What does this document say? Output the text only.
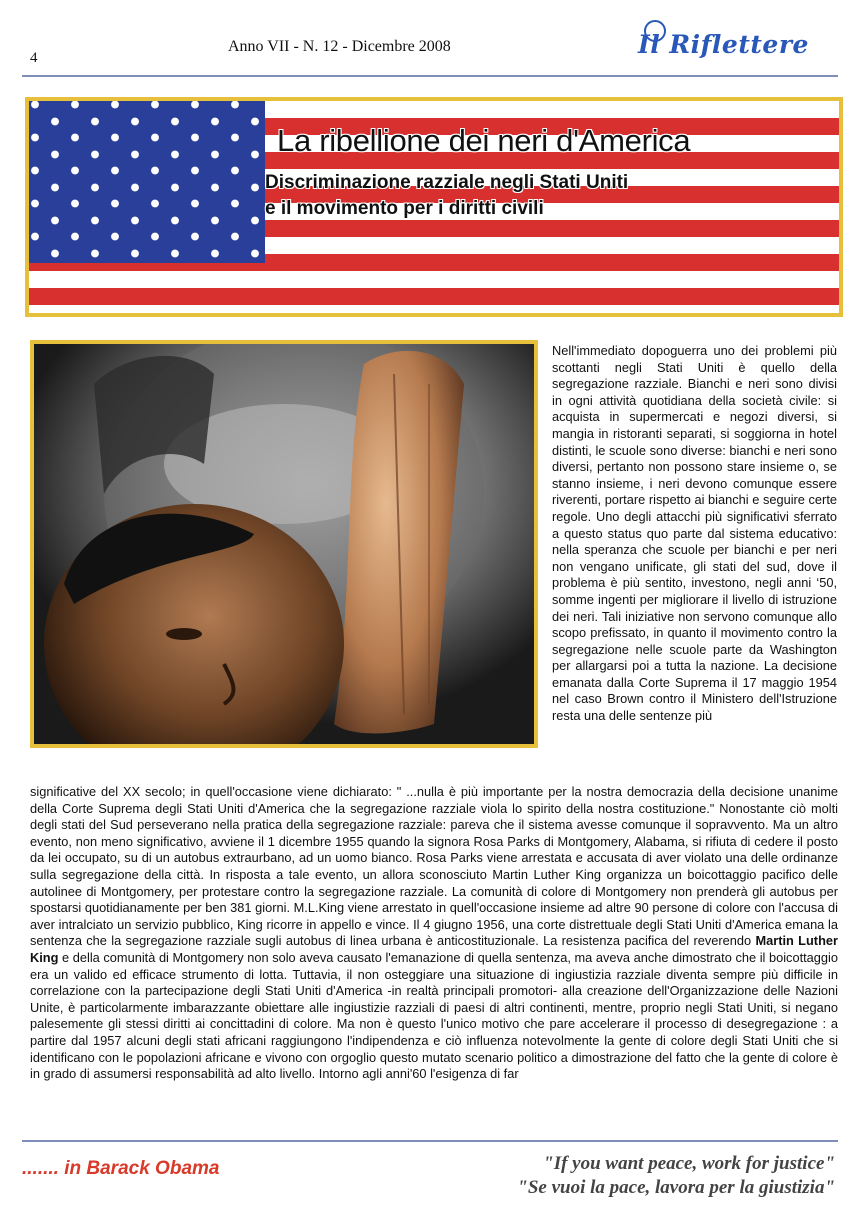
4
Anno VII - N. 12 - Dicembre 2008	Il Riflettere
La ribellione dei neri d'America
Discriminazione razziale negli Stati Uniti
e il movimento per i diritti civili
Nell'immediato dopoguerra uno dei problemi più scottanti negli Stati Uniti è quello della segregazione razziale. Bianchi e neri sono divisi in ogni attività quotidiana della società civile: si acquista in supermercati e negozi diversi, si mangia in ristoranti separati, si soggiorna in hotel distinti, le scuole sono diverse: bianchi e neri sono diversi, pertanto non possono stare insieme o, se stanno insieme, i neri devono comunque essere riverenti, portare rispetto ai bianchi e seguire certe regole. Uno degli attacchi più significativi sferrato a questo status quo parte dal sistema educativo: nella speranza che scuole per bianchi e per neri non vengano unificate, gli stati del sud, dove il problema è più sentito, investono, negli anni ‘50, somme ingenti per migliorare il livello di istruzione dei neri. Tali iniziative non servono comunque allo scopo prefissato, in quanto il movimento contro la segregazione nelle scuole parte da Washington per allargarsi poi a tutta la nazione. La decisione emanata dalla Corte Suprema il 17 maggio 1954 nel caso Brown contro il Ministero dell'Istruzione resta una delle sentenze più
significative del XX secolo; in quell'occasione viene dichiarato: " ...nulla è più importante per la nostra democrazia della decisione unanime della Corte Suprema degli Stati Uniti d'America che la segregazione razziale viola lo spirito della nostra costituzione." Nonostante ciò molti degli stati del Sud perseverano nella pratica della segregazione razziale: pareva che il sistema avesse comunque il sopravvento. Ma un altro evento, non meno significativo, avviene il 1 dicembre 1955 quando la signora Rosa Parks di Montgomery, Alabama, si rifiuta di cedere il posto da lei occupato, su di un autobus extraurbano, ad un uomo bianco. Rosa Parks viene arrestata e accusata di aver violato una delle ordinanze sulla segregazione della città. In risposta a tale evento, un allora sconosciuto Martin Luther King organizza un boicottaggio pacifico delle autolinee di Montgomery, per protestare contro la segregazione razziale. La comunità di colore di Montgomery non prenderà gli autobus per spostarsi quotidianamente per ben 381 giorni. M.L.King viene arrestato in quell'occasione insieme ad altre 90 persone di colore con l'accusa di aver intralciato un servizio pubblico, King ricorre in appello e vince. Il 4 giugno 1956, una corte distrettuale degli Stati Uniti d'America emana la sentenza che la segregazione razziale sugli autobus di linea urbana è anticostituzionale. La resistenza pacifica del reverendo Martin Luther King e della comunità di Montgomery non solo aveva causato l'emanazione di quella sentenza, ma aveva anche dimostrato che il boicottaggio era un valido ed efficace strumento di lotta. Tuttavia, il non osteggiare una situazione di ingiustizia razziale diventa sempre più difficile in correlazione con la partecipazione degli Stati Uniti d'America -in realtà principali promotori- alla creazione dell'Organizzazione delle Nazioni Unite, è particolarmente imbarazzante obiettare alle ingiustizie razziali di paesi di altri continenti, mentre, proprio negli Stati Uniti, si negano palesemente gli stessi diritti ai concittadini di colore. Ma non è questo l'unico motivo che pare accelerare il processo di desegregazione : a partire dal 1957 alcuni degli stati africani raggiungono l'indipendenza e ciò influenza notevolmente la gente di colore degli Stati Uniti che si identificano con le popolazioni africane e vivono con orgoglio questo mutato scenario politico a dimostrazione del fatto che la gente di colore è in grado di assumersi responsabilità ad alto livello. Intorno agli anni'60 l'esigenza di far
....... in Barack Obama	"If you want peace, work for justice"
"Se vuoi la pace, lavora per la giustizia"
